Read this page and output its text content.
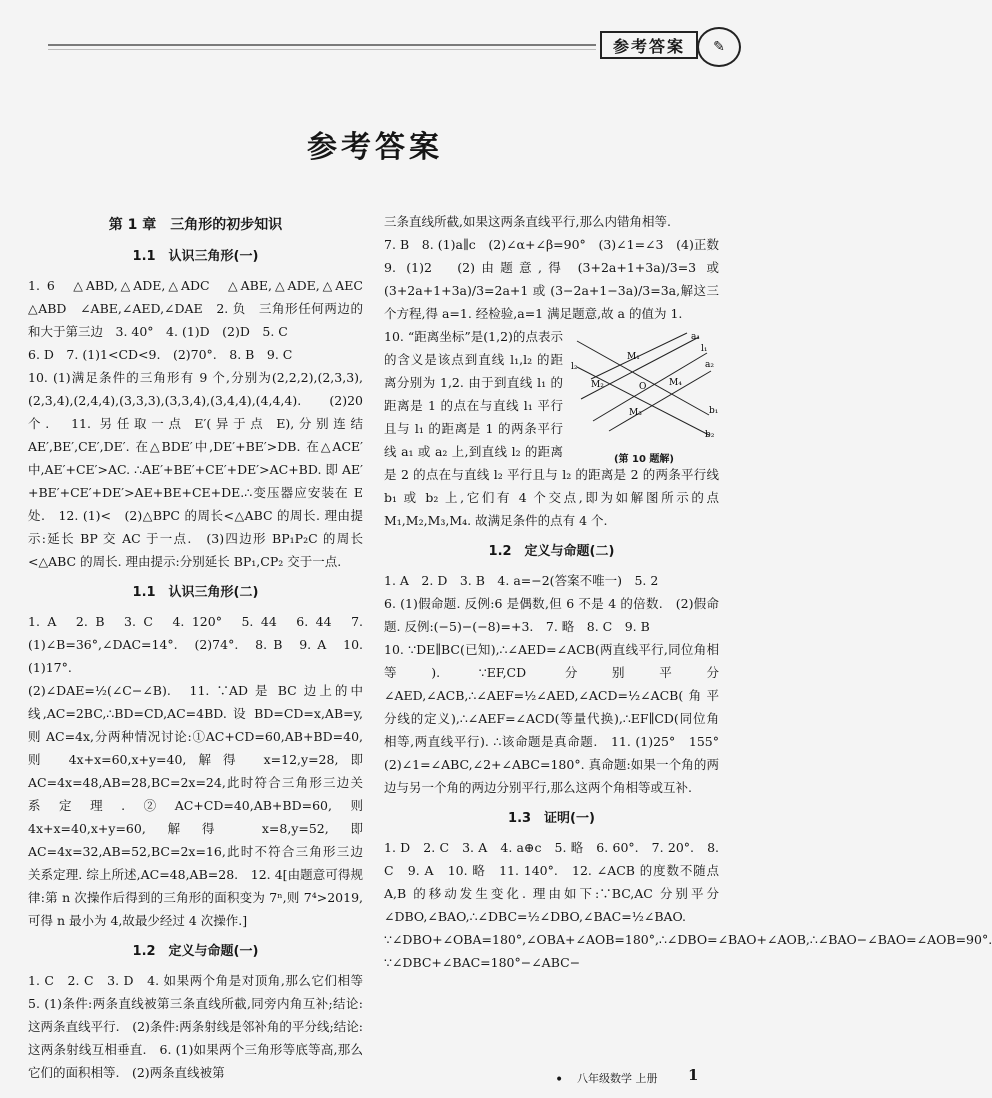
参考答案	✎
参考答案

第 1 章　三角形的初步知识

1.1　认识三角形(一)

1. 6　△ABD,△ADE,△ADC　△ABE,△ADE,△AEC　△ABD　∠ABE,∠AED,∠DAE　2. 负　三角形任何两边的和大于第三边　3. 40°　4. (1)D　(2)D　5. C

6. D　7. (1)1<CD<9.　(2)70°.　8. B　9. C

10. (1)满足条件的三角形有 9 个,分别为(2,2,2),(2,3,3),(2,3,4),(2,4,4),(3,3,3),(3,3,4),(3,4,4),(4,4,4).　(2)20 个.　11. 另任取一点 E′(异于点 E),分别连结 AE′,BE′,CE′,DE′. 在△BDE′中,DE′+BE′>DB. 在△ACE′中,AE′+CE′>AC. ∴AE′+BE′+CE′+DE′>AC+BD. 即 AE′+BE′+CE′+DE′>AE+BE+CE+DE.∴变压器应安装在 E 处.　12. (1)<　(2)△BPC 的周长<△ABC 的周长. 理由提示:延长 BP 交 AC 于一点.　(3)四边形 BP₁P₂C 的周长<△ABC 的周长. 理由提示:分别延长 BP₁,CP₂ 交于一点.

1.1　认识三角形(二)

1. A　2. B　3. C　4. 120°　5. 44　6. 44　7. (1)∠B=36°,∠DAC=14°.　(2)74°.　8. B　9. A　10. (1)17°.

(2)∠DAE=½(∠C−∠B).　11. ∵AD 是 BC 边上的中线,AC=2BC,∴BD=CD,AC=4BD. 设 BD=CD=x,AB=y,则 AC=4x,分两种情况讨论:①AC+CD=60,AB+BD=40,则 4x+x=60,x+y=40,解得 x=12,y=28,即 AC=4x=48,AB=28,BC=2x=24,此时符合三角形三边关系定理.②AC+CD=40,AB+BD=60,则 4x+x=40,x+y=60,解得 x=8,y=52,即 AC=4x=32,AB=52,BC=2x=16,此时不符合三角形三边关系定理. 综上所述,AC=48,AB=28.　12. 4[由题意可得规律:第 n 次操作后得到的三角形的面积变为 7ⁿ,则 7⁴>2019,可得 n 最小为 4,故最少经过 4 次操作.]

1.2　定义与命题(一)

1. C　2. C　3. D　4. 如果两个角是对顶角,那么它们相等　5. (1)条件:两条直线被第三条直线所截,同旁内角互补;结论:这两条直线平行.　(2)条件:两条射线是邻补角的平分线;结论:这两条射线互相垂直.　6. (1)如果两个三角形等底等高,那么它们的面积相等.　(2)两条直线被第

三条直线所截,如果这两条直线平行,那么内错角相等.

7. B　8. (1)a∥c　(2)∠α+∠β=90°　(3)∠1=∠3　(4)正数　9. (1)2　(2)由题意,得 (3+2a+1+3a)/3=3 或 (3+2a+1+3a)/3=2a+1 或 (3−2a+1−3a)/3=3a,解这三个方程,得 a=1. 经检验,a=1 满足题意,故 a 的值为 1.

a₁
l₁
a₂
b₁
b₂
l₂
O
M₁
M₂
M₃
M₄
(第 10 题解)

10. “距离坐标”是(1,2)的点表示的含义是该点到直线 l₁,l₂ 的距离分别为 1,2. 由于到直线 l₁ 的距离是 1 的点在与直线 l₁ 平行且与 l₁ 的距离是 1 的两条平行线 a₁ 或 a₂ 上,到直线 l₂ 的距离是 2 的点在与直线 l₂ 平行且与 l₂ 的距离是 2 的两条平行线 b₁ 或 b₂ 上,它们有 4 个交点,即为如解图所示的点 M₁,M₂,M₃,M₄. 故满足条件的点有 4 个.

1.2　定义与命题(二)

1. A　2. D　3. B　4. a=−2(答案不唯一)　5. 2

6. (1)假命题. 反例:6 是偶数,但 6 不是 4 的倍数.　(2)假命题. 反例:(−5)−(−8)=+3.　7. 略　8. C　9. B

10. ∵DE∥BC(已知),∴∠AED=∠ACB(两直线平行,同位角相等). ∵EF,CD 分别平分∠AED,∠ACB,∴∠AEF=½∠AED,∠ACD=½∠ACB(角平分线的定义),∴∠AEF=∠ACD(等量代换),∴EF∥CD(同位角相等,两直线平行). ∴该命题是真命题.　11. (1)25°　155°　(2)∠1=∠ABC,∠2+∠ABC=180°. 真命题:如果一个角的两边与另一个角的两边分别平行,那么这两个角相等或互补.

1.3　证明(一)

1. D　2. C　3. A　4. a⊕c　5. 略　6. 60°.　7. 20°.　8. C　9. A　10. 略　11. 140°.　12. ∠ACB 的度数不随点 A,B 的移动发生变化. 理由如下:∵BC,AC 分别平分∠DBO,∠BAO,∴∠DBC=½∠DBO,∠BAC=½∠BAO. ∵∠DBO+∠OBA=180°,∠OBA+∠AOB=180°,∴∠DBO=∠BAO+∠AOB,∴∠BAO−∠BAO=∠AOB=90°. ∵∠DBC+∠BAC=180°−∠ABC−

• 八年级数学 上册 1
